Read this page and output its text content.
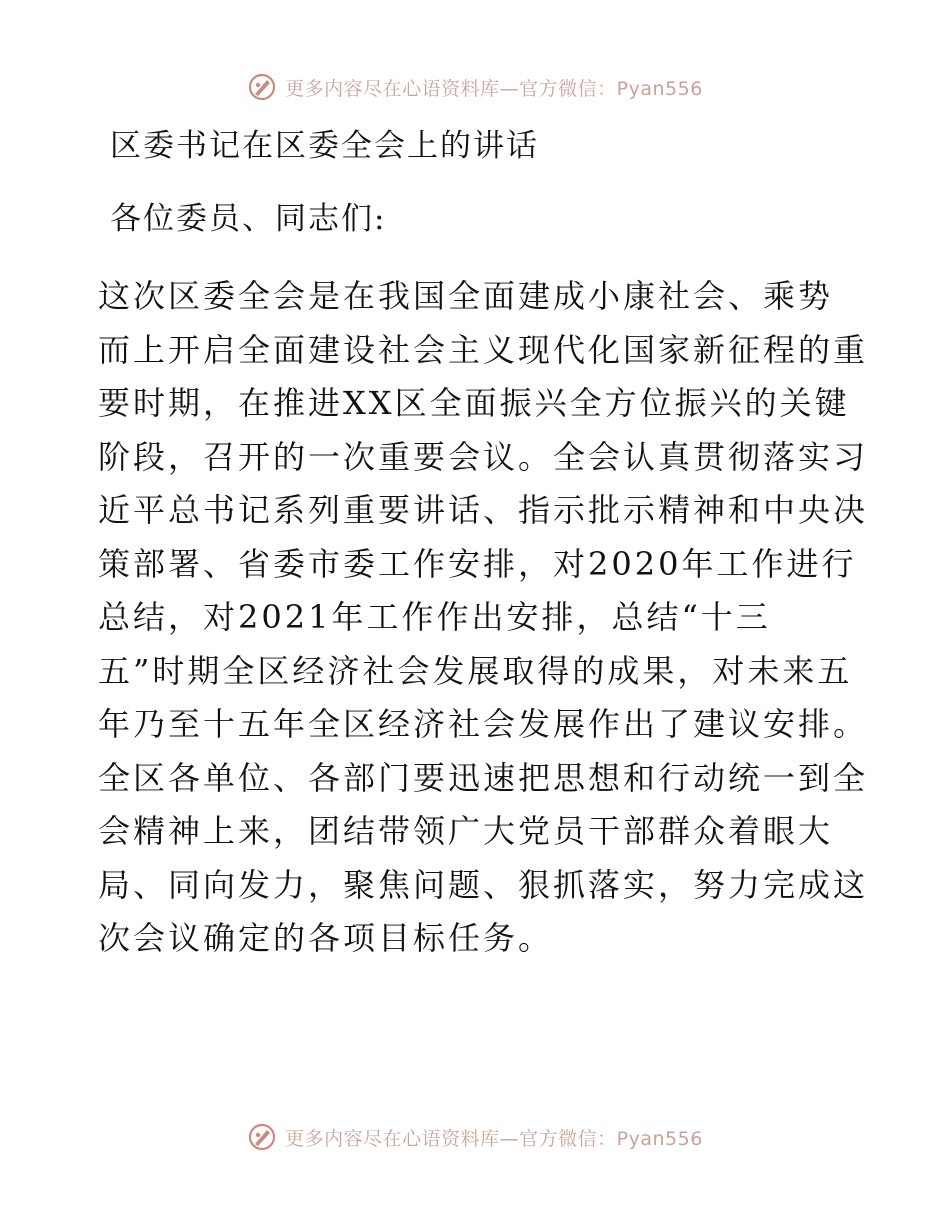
更多内容尽在心语资料库—官方微信：Pyan556
区委书记在区委全会上的讲话

各位委员、同志们:

这次区委全会是在我国全面建成小康社会、乘势
而上开启全面建设社会主义现代化国家新征程的重
要时期，在推进XX区全面振兴全方位振兴的关键
阶段，召开的一次重要会议。全会认真贯彻落实习
近平总书记系列重要讲话、指示批示精神和中央决
策部署、省委市委工作安排，对2020年工作进行
总结，对2021年工作作出安排，总结“十三
五”时期全区经济社会发展取得的成果，对未来五
年乃至十五年全区经济社会发展作出了建议安排。
全区各单位、各部门要迅速把思想和行动统一到全
会精神上来，团结带领广大党员干部群众着眼大
局、同向发力，聚焦问题、狠抓落实，努力完成这
次会议确定的各项目标任务。
更多内容尽在心语资料库—官方微信：Pyan556
